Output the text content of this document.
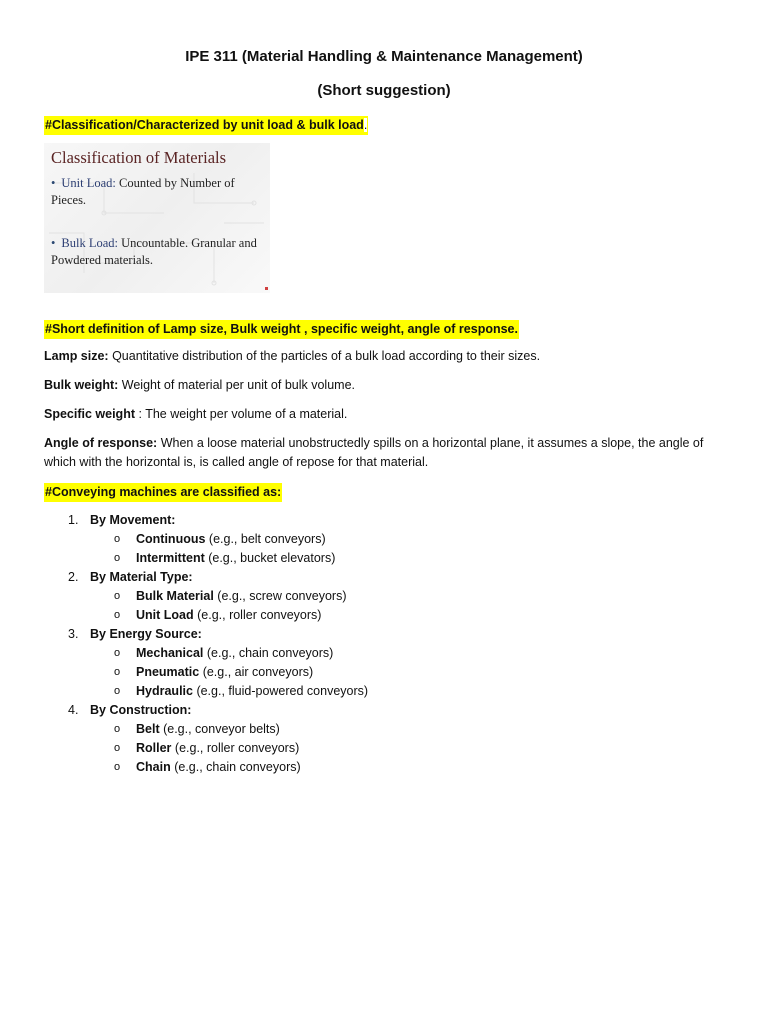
IPE 311 (Material Handling & Maintenance Management)
(Short suggestion)
#Classification/Characterized by unit load & bulk load.
Classification of Materials
• Unit Load: Counted by Number of Pieces.
• Bulk Load: Uncountable. Granular and Powdered materials.
#Short definition of Lamp size, Bulk weight , specific weight, angle of response.
Lamp size: Quantitative distribution of the particles of a bulk load according to their sizes.
Bulk weight: Weight of material per unit of bulk volume.
Specific weight : The weight per volume of a material.
Angle of response: When a loose material unobstructedly spills on a horizontal plane, it assumes a slope, the angle of which with the horizontal is, is called angle of repose for that material.
#Conveying machines are classified as:
1. By Movement:
o Continuous (e.g., belt conveyors)
o Intermittent (e.g., bucket elevators)
2. By Material Type:
o Bulk Material (e.g., screw conveyors)
o Unit Load (e.g., roller conveyors)
3. By Energy Source:
o Mechanical (e.g., chain conveyors)
o Pneumatic (e.g., air conveyors)
o Hydraulic (e.g., fluid-powered conveyors)
4. By Construction:
o Belt (e.g., conveyor belts)
o Roller (e.g., roller conveyors)
o Chain (e.g., chain conveyors)
